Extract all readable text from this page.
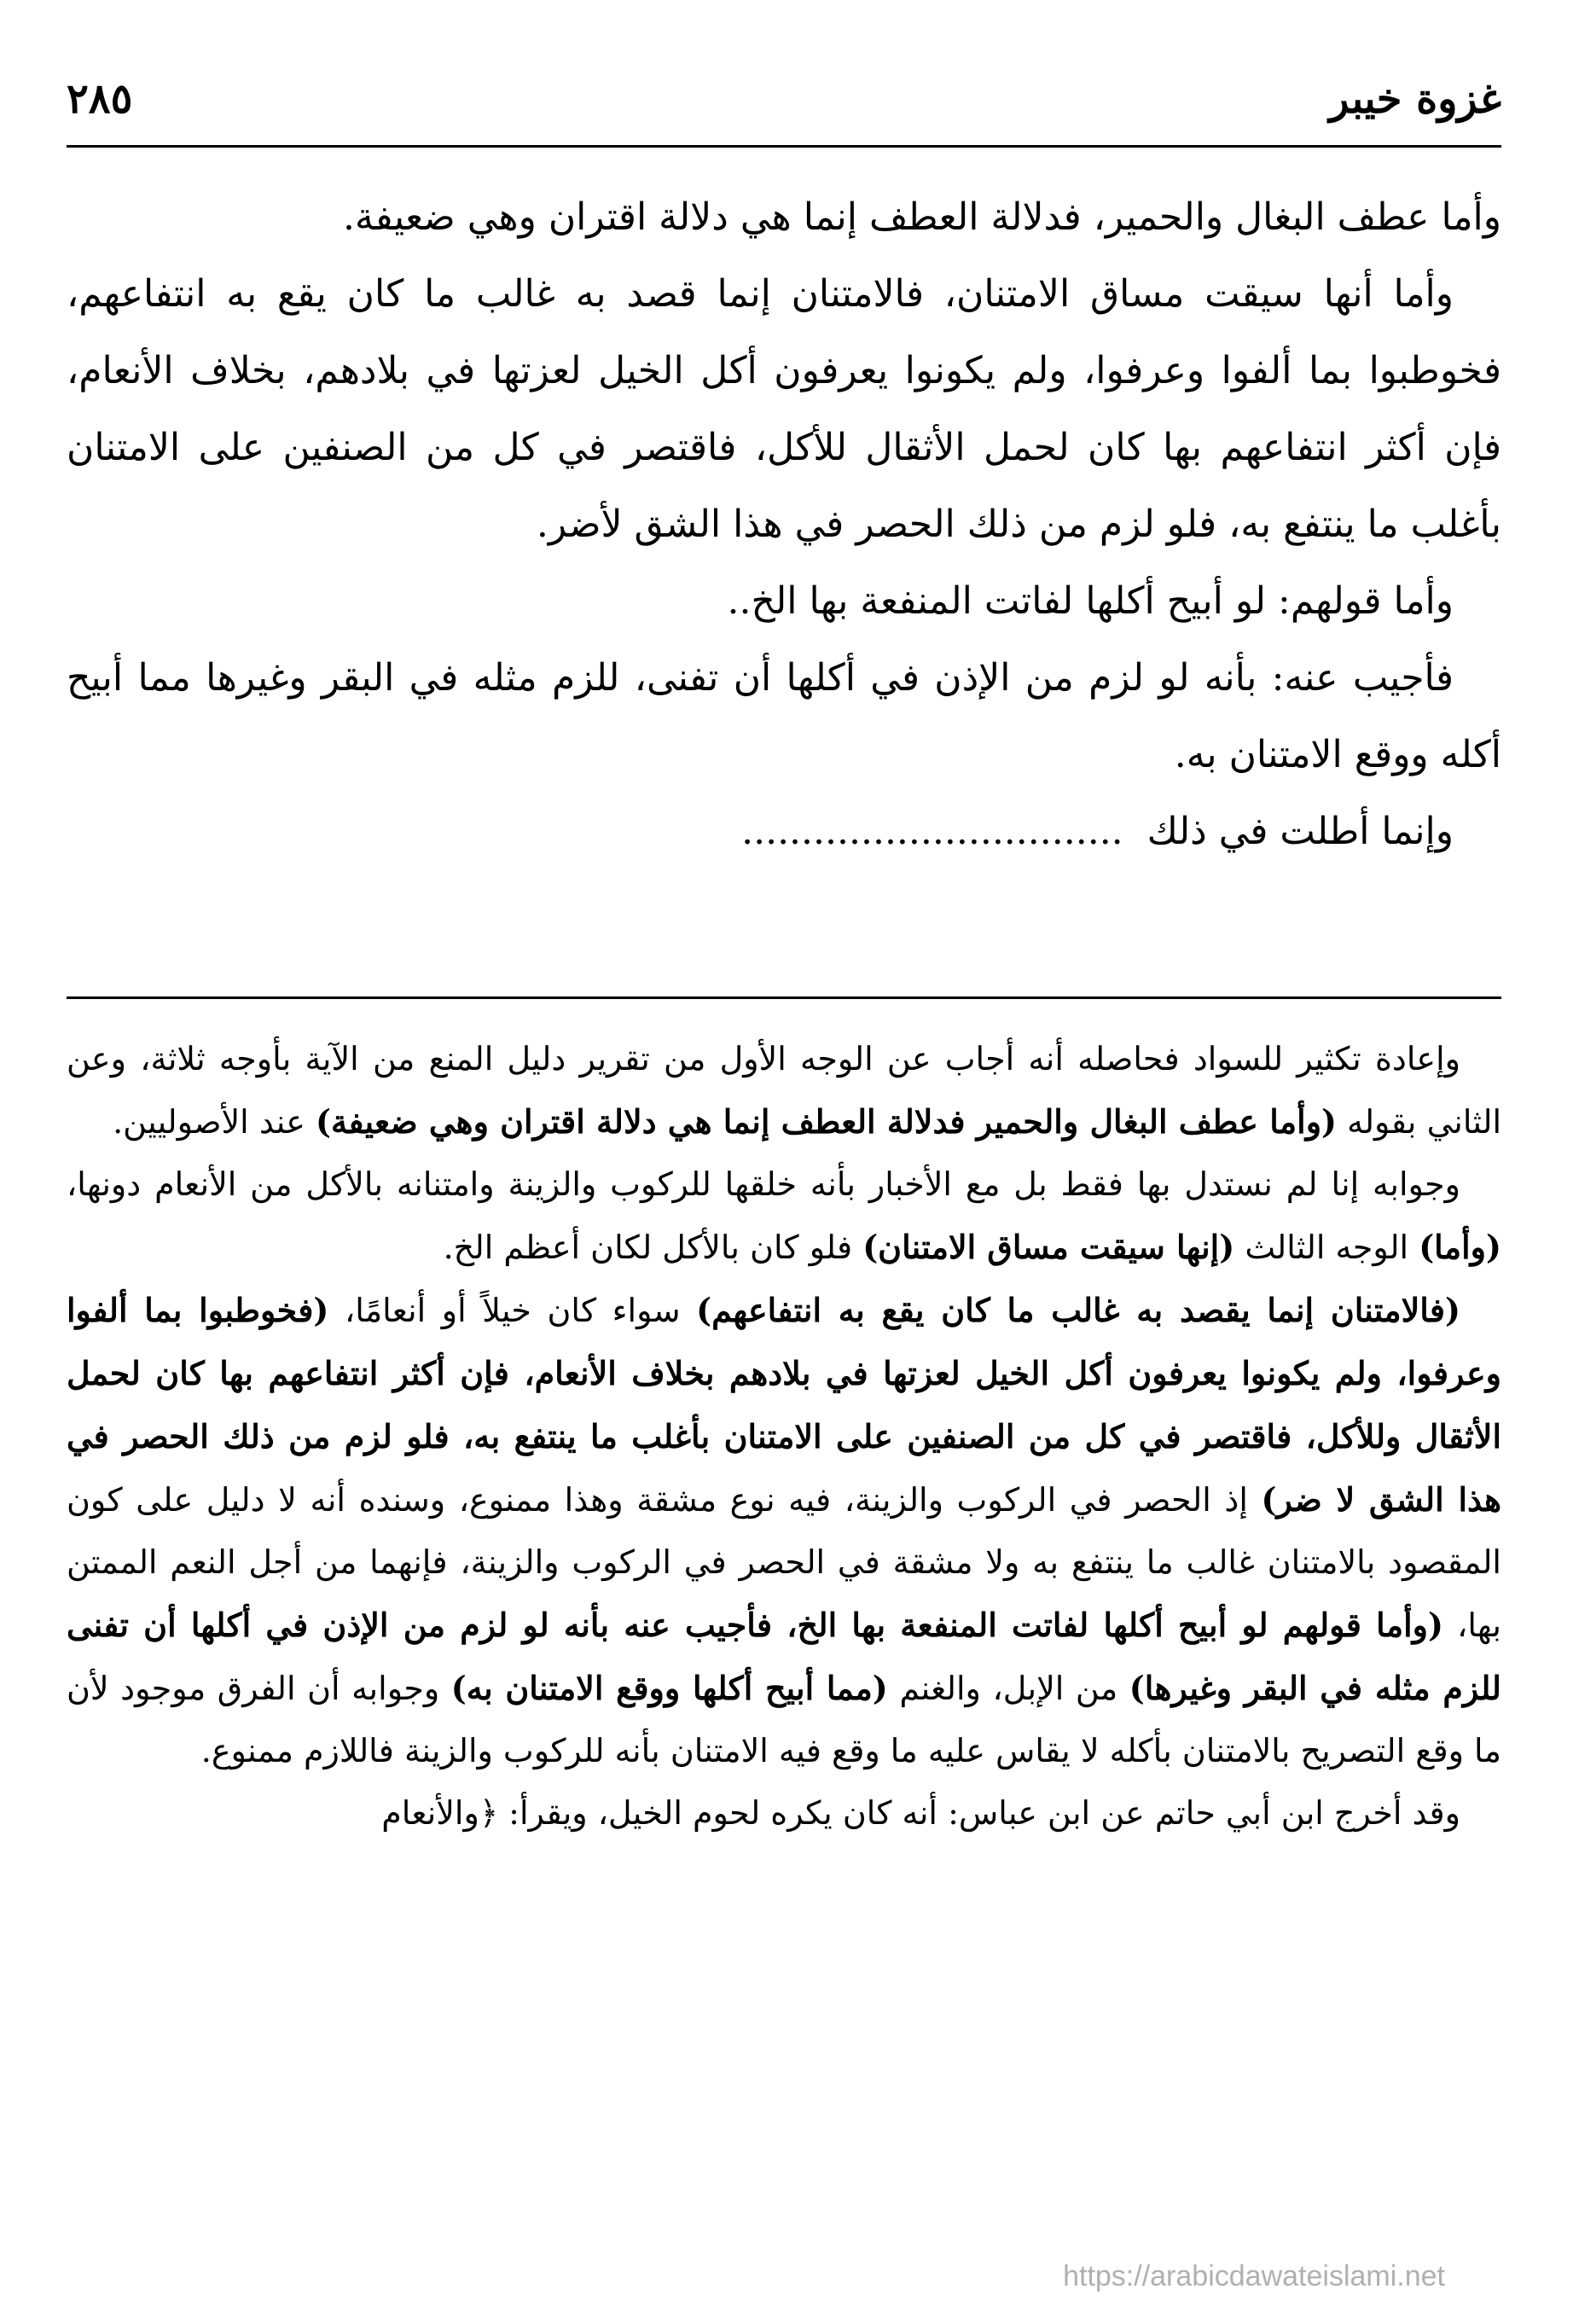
غزوة خيبر
٢٨٥

وأما عطف البغال والحمير، فدلالة العطف إنما هي دلالة اقتران وهي ضعيفة.

وأما أنها سيقت مساق الامتنان، فالامتنان إنما قصد به غالب ما كان يقع به انتفاعهم، فخوطبوا بما ألفوا وعرفوا، ولم يكونوا يعرفون أكل الخيل لعزتها في بلادهم، بخلاف الأنعام، فإن أكثر انتفاعهم بها كان لحمل الأثقال للأكل، فاقتصر في كل من الصنفين على الامتنان بأغلب ما ينتفع به، فلو لزم من ذلك الحصر في هذا الشق لأضر.

وأما قولهم: لو أبيح أكلها لفاتت المنفعة بها الخ..

فأجيب عنه: بأنه لو لزم من الإذن في أكلها أن تفنى، للزم مثله في البقر وغيرها مما أبيح أكله ووقع الامتنان به.

وإنما أطلت في ذلك................................

وإعادة تكثير للسواد فحاصله أنه أجاب عن الوجه الأول من تقرير دليل المنع من الآية بأوجه ثلاثة، وعن الثاني بقوله (وأما عطف البغال والحمير فدلالة العطف إنما هي دلالة اقتران وهي ضعيفة) عند الأصوليين.

وجوابه إنا لم نستدل بها فقط بل مع الأخبار بأنه خلقها للركوب والزينة وامتنانه بالأكل من الأنعام دونها، (وأما) الوجه الثالث (إنها سيقت مساق الامتنان) فلو كان بالأكل لكان أعظم الخ.

(فالامتنان إنما يقصد به غالب ما كان يقع به انتفاعهم) سواء كان خيلاً أو أنعامًا، (فخوطبوا بما ألفوا وعرفوا، ولم يكونوا يعرفون أكل الخيل لعزتها في بلادهم بخلاف الأنعام، فإن أكثر انتفاعهم بها كان لحمل الأثقال وللأكل، فاقتصر في كل من الصنفين على الامتنان بأغلب ما ينتفع به، فلو لزم من ذلك الحصر في هذا الشق لا ضر) إذ الحصر في الركوب والزينة، فيه نوع مشقة وهذا ممنوع، وسنده أنه لا دليل على كون المقصود بالامتنان غالب ما ينتفع به ولا مشقة في الحصر في الركوب والزينة، فإنهما من أجل النعم الممتن بها، (وأما قولهم لو أبيح أكلها لفاتت المنفعة بها الخ، فأجيب عنه بأنه لو لزم من الإذن في أكلها أن تفنى للزم مثله في البقر وغيرها) من الإبل، والغنم (مما أبيح أكلها ووقع الامتنان به) وجوابه أن الفرق موجود لأن ما وقع التصريح بالامتنان بأكله لا يقاس عليه ما وقع فيه الامتنان بأنه للركوب والزينة فاللازم ممنوع.

وقد أخرج ابن أبي حاتم عن ابن عباس: أنه كان يكره لحوم الخيل، ويقرأ: ﴿والأنعام

https://arabicdawateislami.net
